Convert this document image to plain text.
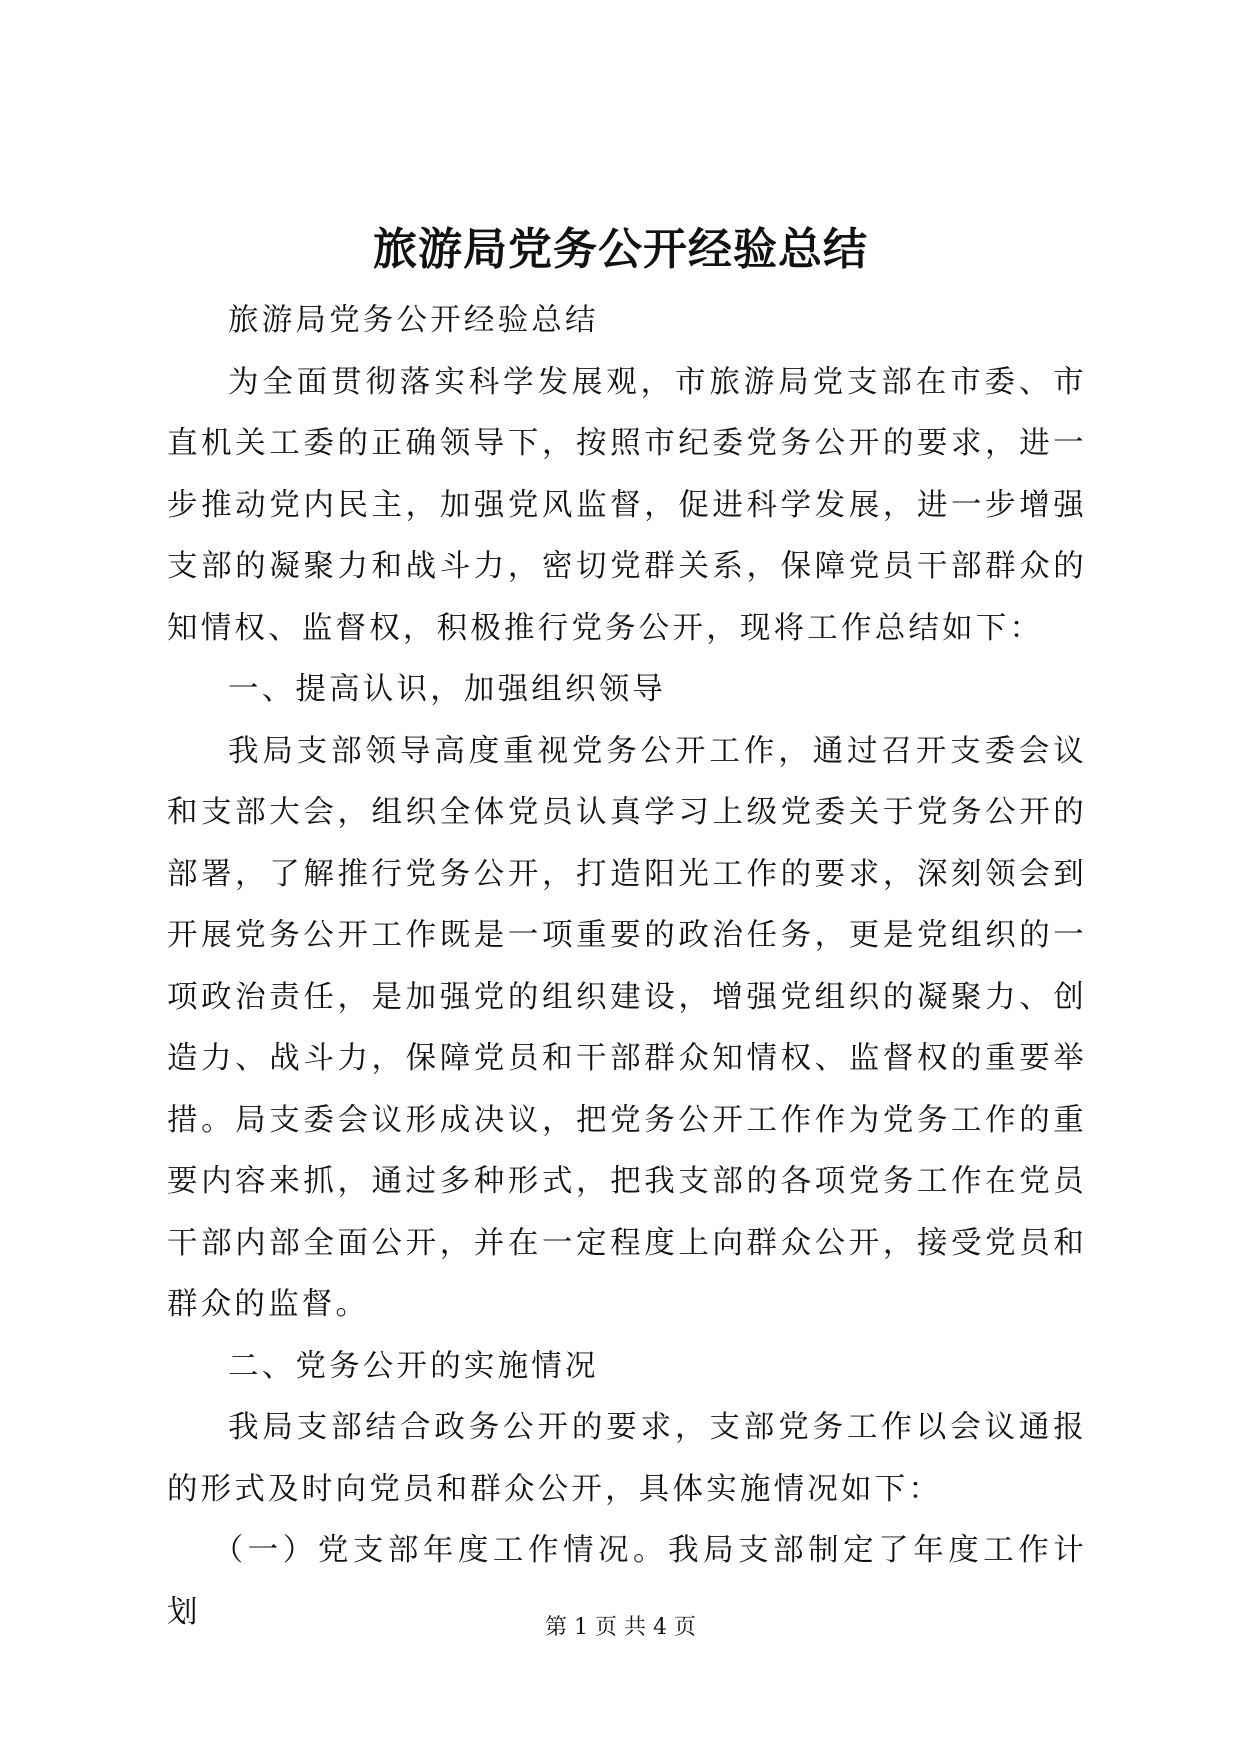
旅游局党务公开经验总结

旅游局党务公开经验总结

为全面贯彻落实科学发展观，市旅游局党支部在市委、市直机关工委的正确领导下，按照市纪委党务公开的要求，进一步推动党内民主，加强党风监督，促进科学发展，进一步增强支部的凝聚力和战斗力，密切党群关系，保障党员干部群众的知情权、监督权，积极推行党务公开，现将工作总结如下：

一、提高认识，加强组织领导

我局支部领导高度重视党务公开工作，通过召开支委会议和支部大会，组织全体党员认真学习上级党委关于党务公开的部署，了解推行党务公开，打造阳光工作的要求，深刻领会到开展党务公开工作既是一项重要的政治任务，更是党组织的一项政治责任，是加强党的组织建设，增强党组织的凝聚力、创造力、战斗力，保障党员和干部群众知情权、监督权的重要举措。局支委会议形成决议，把党务公开工作作为党务工作的重要内容来抓，通过多种形式，把我支部的各项党务工作在党员干部内部全面公开，并在一定程度上向群众公开，接受党员和群众的监督。

二、党务公开的实施情况

我局支部结合政务公开的要求，支部党务工作以会议通报的形式及时向党员和群众公开，具体实施情况如下：

（一）党支部年度工作情况。我局支部制定了年度工作计划	第 1 页 共 4 页
